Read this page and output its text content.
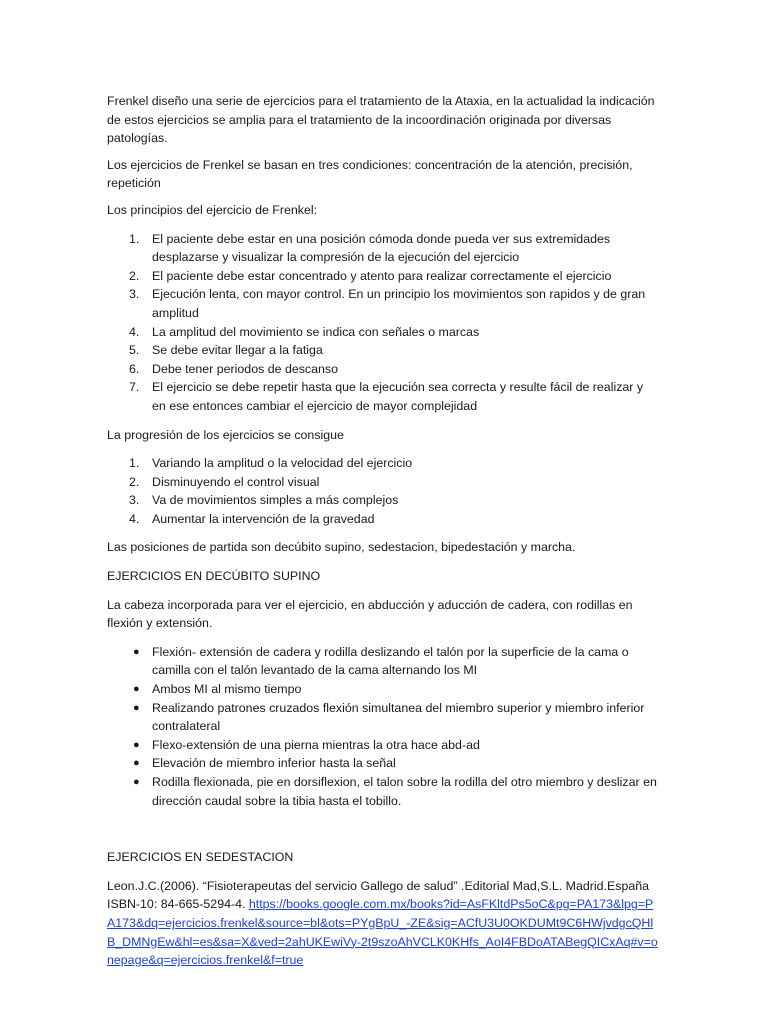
Frenkel diseño una serie de ejercicios para el tratamiento de la Ataxia, en la actualidad la indicación de estos ejercicios se amplia para el tratamiento de la incoordinación originada por diversas patologías.

Los ejercicios de Frenkel se basan en tres condiciones: concentración de la atención, precisión, repetición

Los principios del ejercicio de Frenkel:

1. El paciente debe estar en una posición cómoda donde pueda ver sus extremidades desplazarse y visualizar la compresión de la ejecución del ejercicio
2. El paciente debe estar concentrado y atento para realizar correctamente el ejercicio
3. Ejecución lenta, con mayor control. En un principio los movimientos son rapidos y de gran amplitud
4. La amplitud del movimiento se indica con señales o marcas
5. Se debe evitar llegar a la fatiga
6. Debe tener periodos de descanso
7. El ejercicio se debe repetir hasta que la ejecución sea correcta y resulte fácil de realizar y en ese entonces cambiar el ejercicio de mayor complejidad

La progresión de los ejercicios se consigue

1. Variando la amplitud o la velocidad del ejercicio
2. Disminuyendo el control visual
3. Va de movimientos simples a más complejos
4. Aumentar la intervención de la gravedad

Las posiciones de partida son decúbito supino, sedestacion, bipedestación y marcha.

EJERCICIOS EN DECÚBITO SUPINO

La cabeza incorporada para ver el ejercicio, en abducción y aducción de cadera, con rodillas en flexión y extensión.

● Flexión- extensión de cadera y rodilla deslizando el talón por la superficie de la cama o camilla con el talón levantado de la cama alternando los MI
● Ambos MI al mismo tiempo
● Realizando patrones cruzados flexión simultanea del miembro superior y miembro inferior contralateral
● Flexo-extensión de una pierna mientras la otra hace abd-ad
● Elevación de miembro inferior hasta la señal
● Rodilla flexionada, pie en dorsiflexion, el talon sobre la rodilla del otro miembro y deslizar en dirección caudal sobre la tibia hasta el tobillo.

EJERCICIOS EN SEDESTACION

Leon.J.C.(2006). “Fisioterapeutas del servicio Gallego de salud” .Editorial Mad,S.L. Madrid.España ISBN-10: 84-665-5294-4. https://books.google.com.mx/books?id=AsFKltdPs5oC&pg=PA173&lpg=PA173&dq=ejercicios.frenkel&source=bl&ots=PYgBpU_-ZE&sig=ACfU3U0OKDUMt9C6HWjvdgcQHlB_DMNgEw&hl=es&sa=X&ved=2ahUKEwiVy-2t9szoAhVCLK0KHfs_AoI4FBDoATABegQICxAq#v=onepage&q=ejercicios.frenkel&f=true
